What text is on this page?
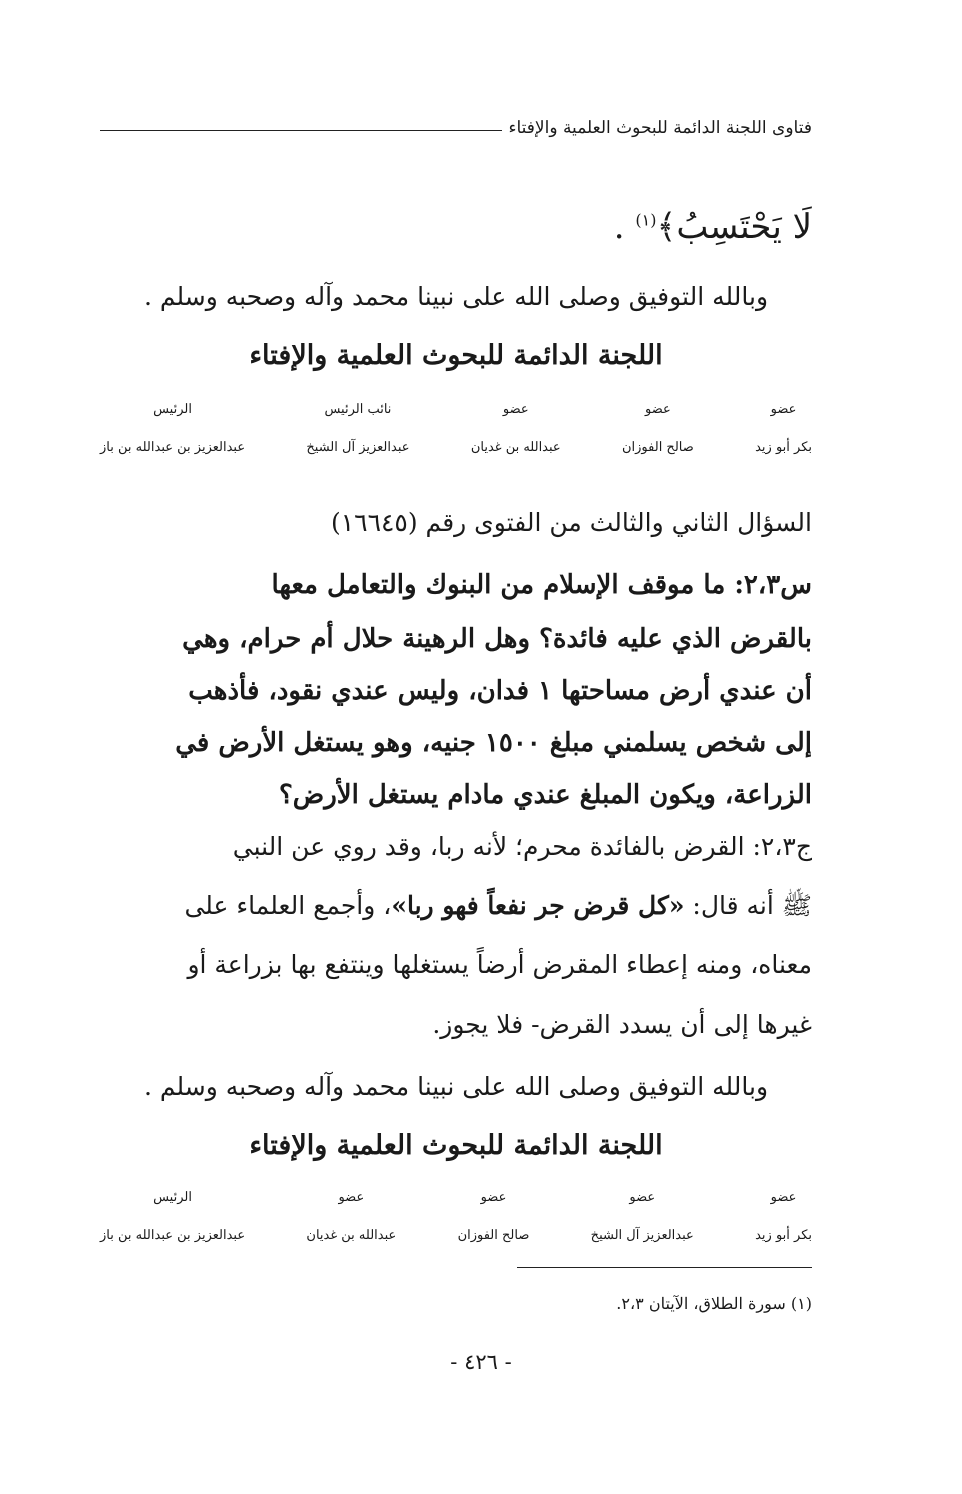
فتاوى اللجنة الدائمة للبحوث العلمية والإفتاء
لَا يَحْتَسِبُ﴾$^{(١)}$ .
وبالله التوفيق وصلى الله على نبينا محمد وآله وصحبه وسلم .
اللجنة الدائمة للبحوث العلمية والإفتاء
عضو
بكر أبو زيد
عضو
صالح الفوزان
عضو
عبدالله بن غديان
نائب الرئيس
عبدالعزيز آل الشيخ
الرئيس
عبدالعزيز بن عبدالله بن باز
السؤال الثاني والثالث من الفتوى رقم (١٦٦٤٥)
س٢،٣: ما موقف الإسلام من البنوك والتعامل معها
بالقرض الذي عليه فائدة؟ وهل الرهينة حلال أم حرام، وهي
أن عندي أرض مساحتها ١ فدان، وليس عندي نقود، فأذهب
إلى شخص يسلمني مبلغ ١٥٠٠ جنيه، وهو يستغل الأرض في
الزراعة، ويكون المبلغ عندي مادام يستغل الأرض؟
ج٢،٣: القرض بالفائدة محرم؛ لأنه ربا، وقد روي عن النبي
ﷺ أنه قال: «كل قرض جر نفعاً فهو ربا»، وأجمع العلماء على
معناه، ومنه إعطاء المقرض أرضاً يستغلها وينتفع بها بزراعة أو
غيرها إلى أن يسدد القرض- فلا يجوز.
وبالله التوفيق وصلى الله على نبينا محمد وآله وصحبه وسلم .
اللجنة الدائمة للبحوث العلمية والإفتاء
عضو
بكر أبو زيد
عضو
عبدالعزيز آل الشيخ
عضو
صالح الفوزان
عضو
عبدالله بن غديان
الرئيس
عبدالعزيز بن عبدالله بن باز
(١) سورة الطلاق، الآيتان ٢،٣.
- ٤٢٦ -
